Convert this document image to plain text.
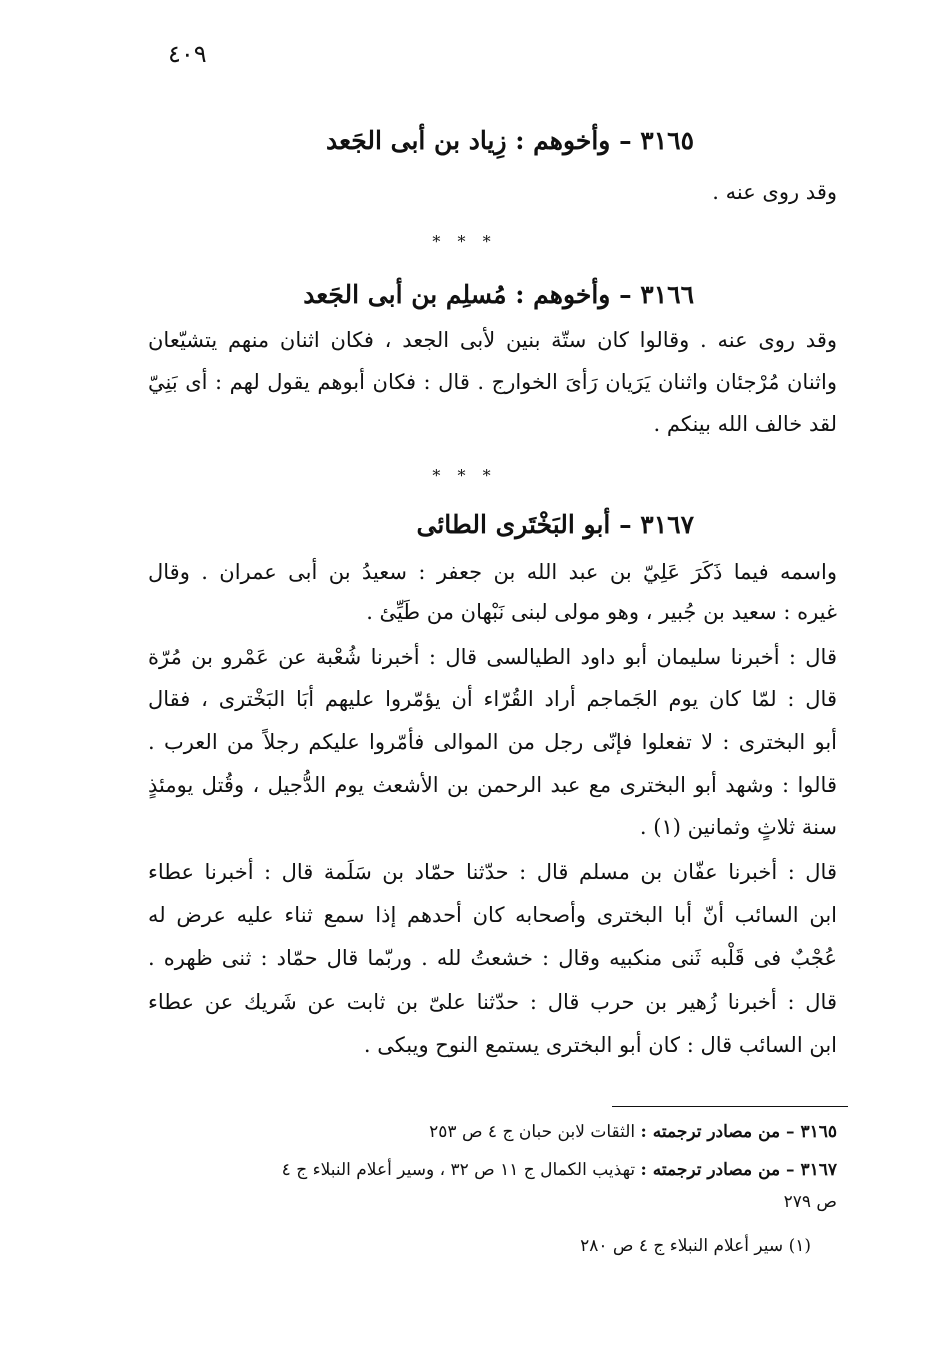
٤٠٩
٣١٦٥ – وأخوهم : زِياد بن أبى الجَعد
وقد روى عنه .
* * *
٣١٦٦ – وأخوهم : مُسلِم بن أبى الجَعد
وقد روى عنه . وقالوا كان ستّة بنين لأبى الجعد ، فكان اثنان منهم يتشيّعان
واثنان مُرْجئان واثنان يَرَيان رَأىَ الخوارج . قال : فكان أبوهم يقول لهم : أى بَنِيّ
لقد خالف الله بينكم .
* * *
٣١٦٧ – أبو البَخْتَرى الطائى
واسمه فيما ذَكَرَ عَلِيّ بن عبد الله بن جعفر : سعيدُ بن أبى عمران . وقال
غيره : سعيد بن جُبير ، وهو مولى لبنى نَبْهان من طَيِّئ .
قال : أخبرنا سليمان أبو داود الطيالسى قال : أخبرنا شُعْبة عن عَمْرو بن مُرّة
قال : لمّا كان يوم الجَماجم أراد القُرّاء أن يؤمّروا عليهم أبَا البَخْترى ، فقال
أبو البخترى : لا تفعلوا فإنّى رجل من الموالى فأمّروا عليكم رجلاً من العرب .
قالوا : وشهد أبو البخترى مع عبد الرحمن بن الأشعث يوم الدُّجيل ، وقُتل يومئذٍ
سنة ثلاثٍ وثمانين (١) .
قال : أخبرنا عفّان بن مسلم قال : حدّثنا حمّاد بن سَلَمة قال : أخبرنا عطاء
ابن السائب أنّ أبا البخترى وأصحابه كان أحدهم إذا سمع ثناء عليه عرض له
عُجْبٌ فى قَلْبه ثَنى منكبيه وقال : خشعتُ لله . وربّما قال حمّاد : ثنى ظهره .
قال : أخبرنا زُهير بن حرب قال : حدّثنا علىّ بن ثابت عن شَريك عن عطاء
ابن السائب قال : كان أبو البخترى يستمع النوح ويبكى .
٣١٦٥ – من مصادر ترجمته : الثقات لابن حبان ج ٤ ص ٢٥٣
٣١٦٧ – من مصادر ترجمته : تهذيب الكمال ج ١١ ص ٣٢ ، وسير أعلام النبلاء ج ٤
ص ٢٧٩
(١) سير أعلام النبلاء ج ٤ ص ٢٨٠
